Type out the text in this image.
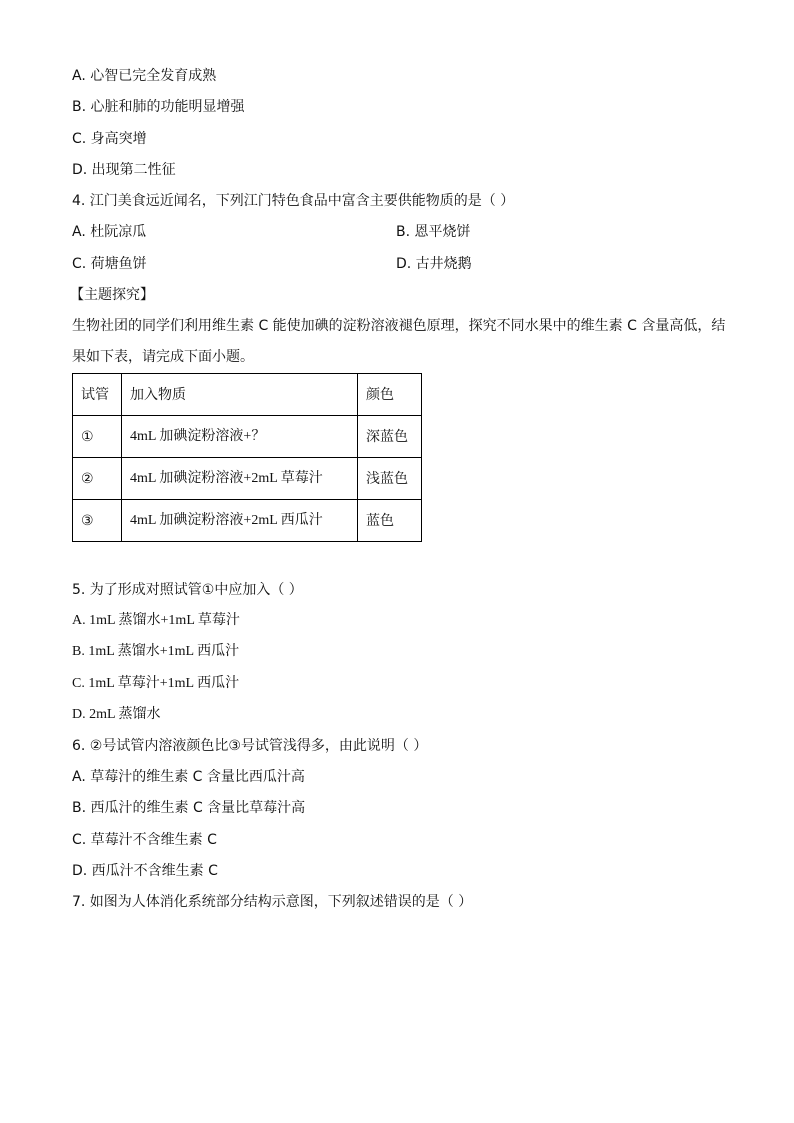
A. 心智已完全发育成熟
B. 心脏和肺的功能明显增强
C. 身高突增
D. 出现第二性征
4. 江门美食远近闻名，下列江门特色食品中富含主要供能物质的是（ ）
A. 杜阮凉瓜	B. 恩平烧饼
C. 荷塘鱼饼	D. 古井烧鹅
【主题探究】
生物社团的同学们利用维生素 C 能使加碘的淀粉溶液褪色原理，探究不同水果中的维生素 C 含量高低，结
果如下表，请完成下面小题。
试管	加入物质	颜色
①	4mL 加碘淀粉溶液+？	深蓝色
②	4mL 加碘淀粉溶液+2mL 草莓汁	浅蓝色
③	4mL 加碘淀粉溶液+2mL 西瓜汁	蓝色
5. 为了形成对照试管①中应加入（ ）
A. 1mL 蒸馏水+1mL 草莓汁
B. 1mL 蒸馏水+1mL 西瓜汁
C. 1mL 草莓汁+1mL 西瓜汁
D. 2mL 蒸馏水
6. ②号试管内溶液颜色比③号试管浅得多，由此说明（ ）
A. 草莓汁的维生素 C 含量比西瓜汁高
B. 西瓜汁的维生素 C 含量比草莓汁高
C. 草莓汁不含维生素 C
D. 西瓜汁不含维生素 C
7. 如图为人体消化系统部分结构示意图，下列叙述错误的是（ ）
